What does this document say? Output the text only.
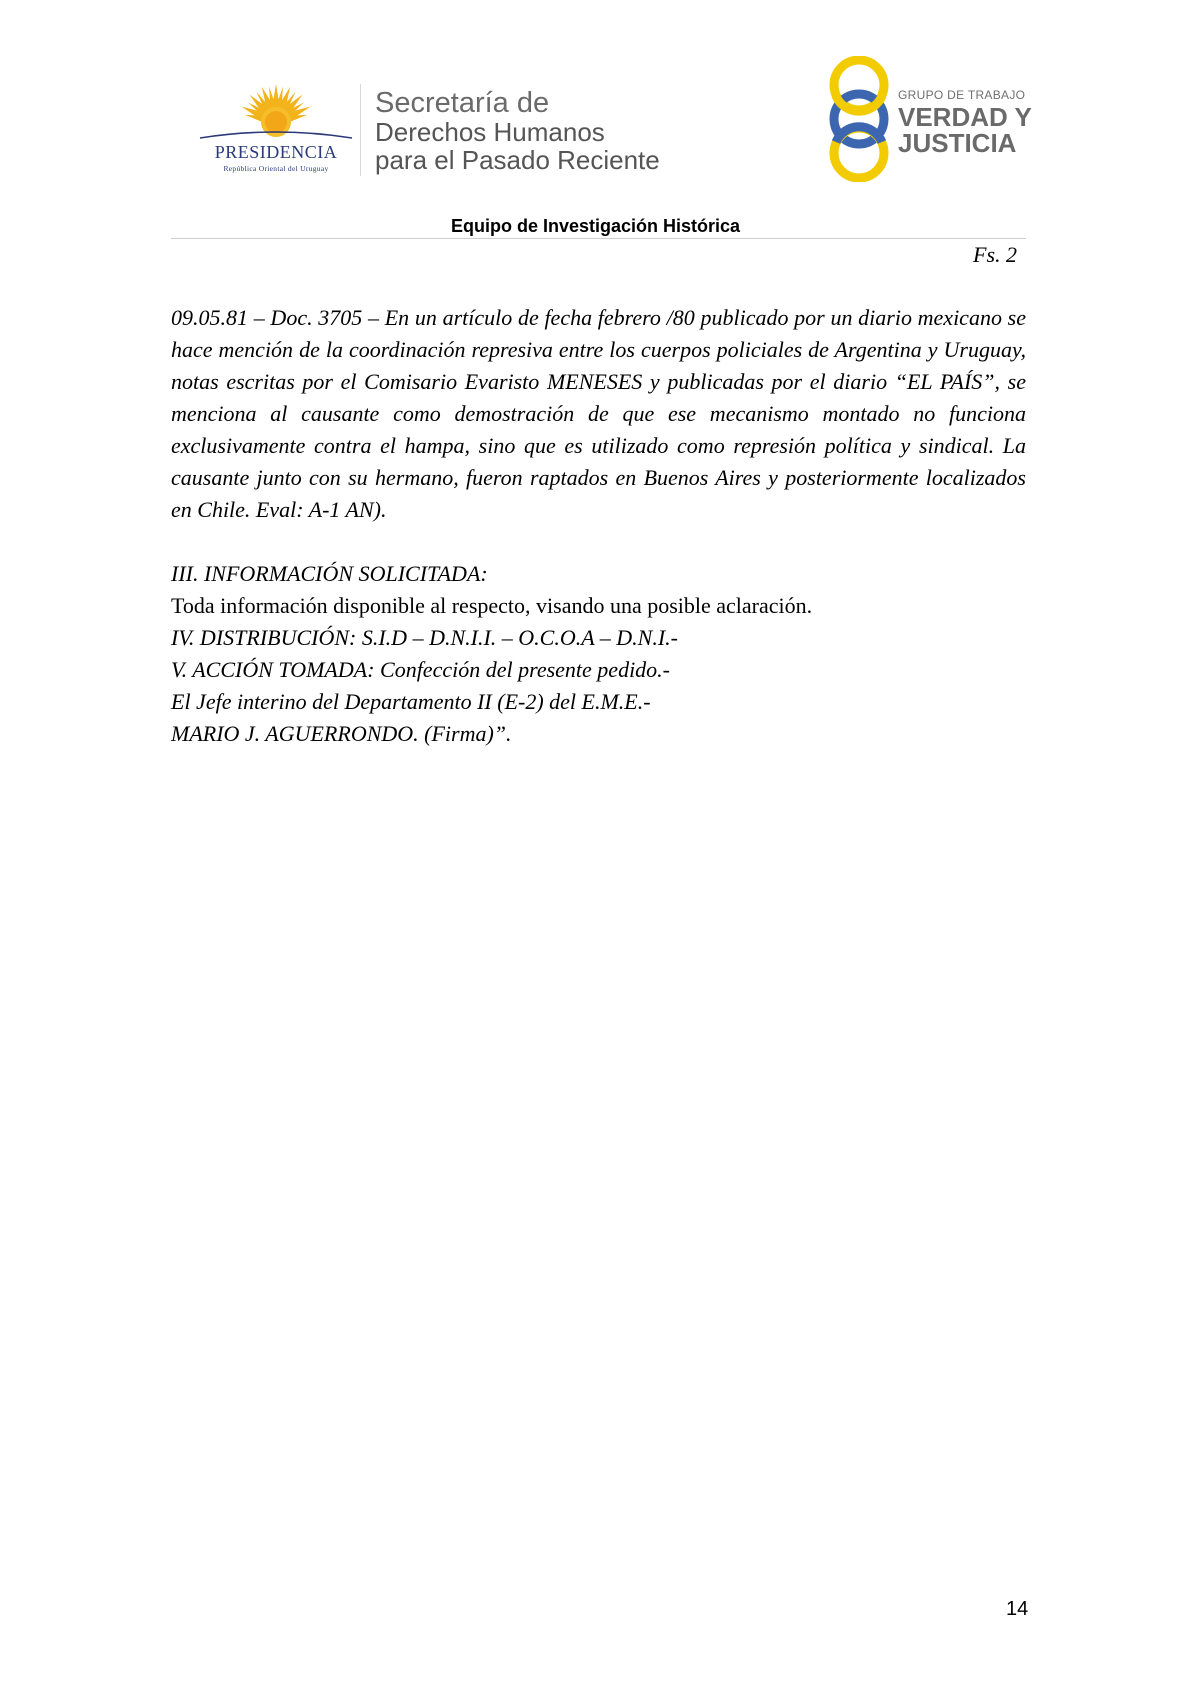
PRESIDENCIA
República Oriental del Uruguay
Secretaría de
Derechos Humanos
para el Pasado Reciente
GRUPO DE TRABAJO
VERDAD Y
JUSTICIA
Equipo de Investigación Histórica
Fs. 2
09.05.81 – Doc. 3705 – En un artículo de fecha febrero /80 publicado por un diario mexicano se hace mención de la coordinación represiva entre los cuerpos policiales de Argentina y Uruguay, notas escritas por el Comisario Evaristo MENESES y publicadas por el diario “EL PAÍS”, se menciona al causante como demostración de que ese mecanismo montado no funciona exclusivamente contra el hampa, sino que es utilizado como represión política y sindical. La causante junto con su hermano, fueron raptados en Buenos Aires y posteriormente localizados en Chile. Eval: A-1 AN).
III. INFORMACIÓN SOLICITADA:
Toda información disponible al respecto, visando una posible aclaración.
IV. DISTRIBUCIÓN: S.I.D – D.N.I.I. – O.C.O.A – D.N.I.-
V. ACCIÓN TOMADA: Confección del presente pedido.-
El Jefe interino del Departamento II (E-2) del E.M.E.-
MARIO J. AGUERRONDO. (Firma)”.
14
